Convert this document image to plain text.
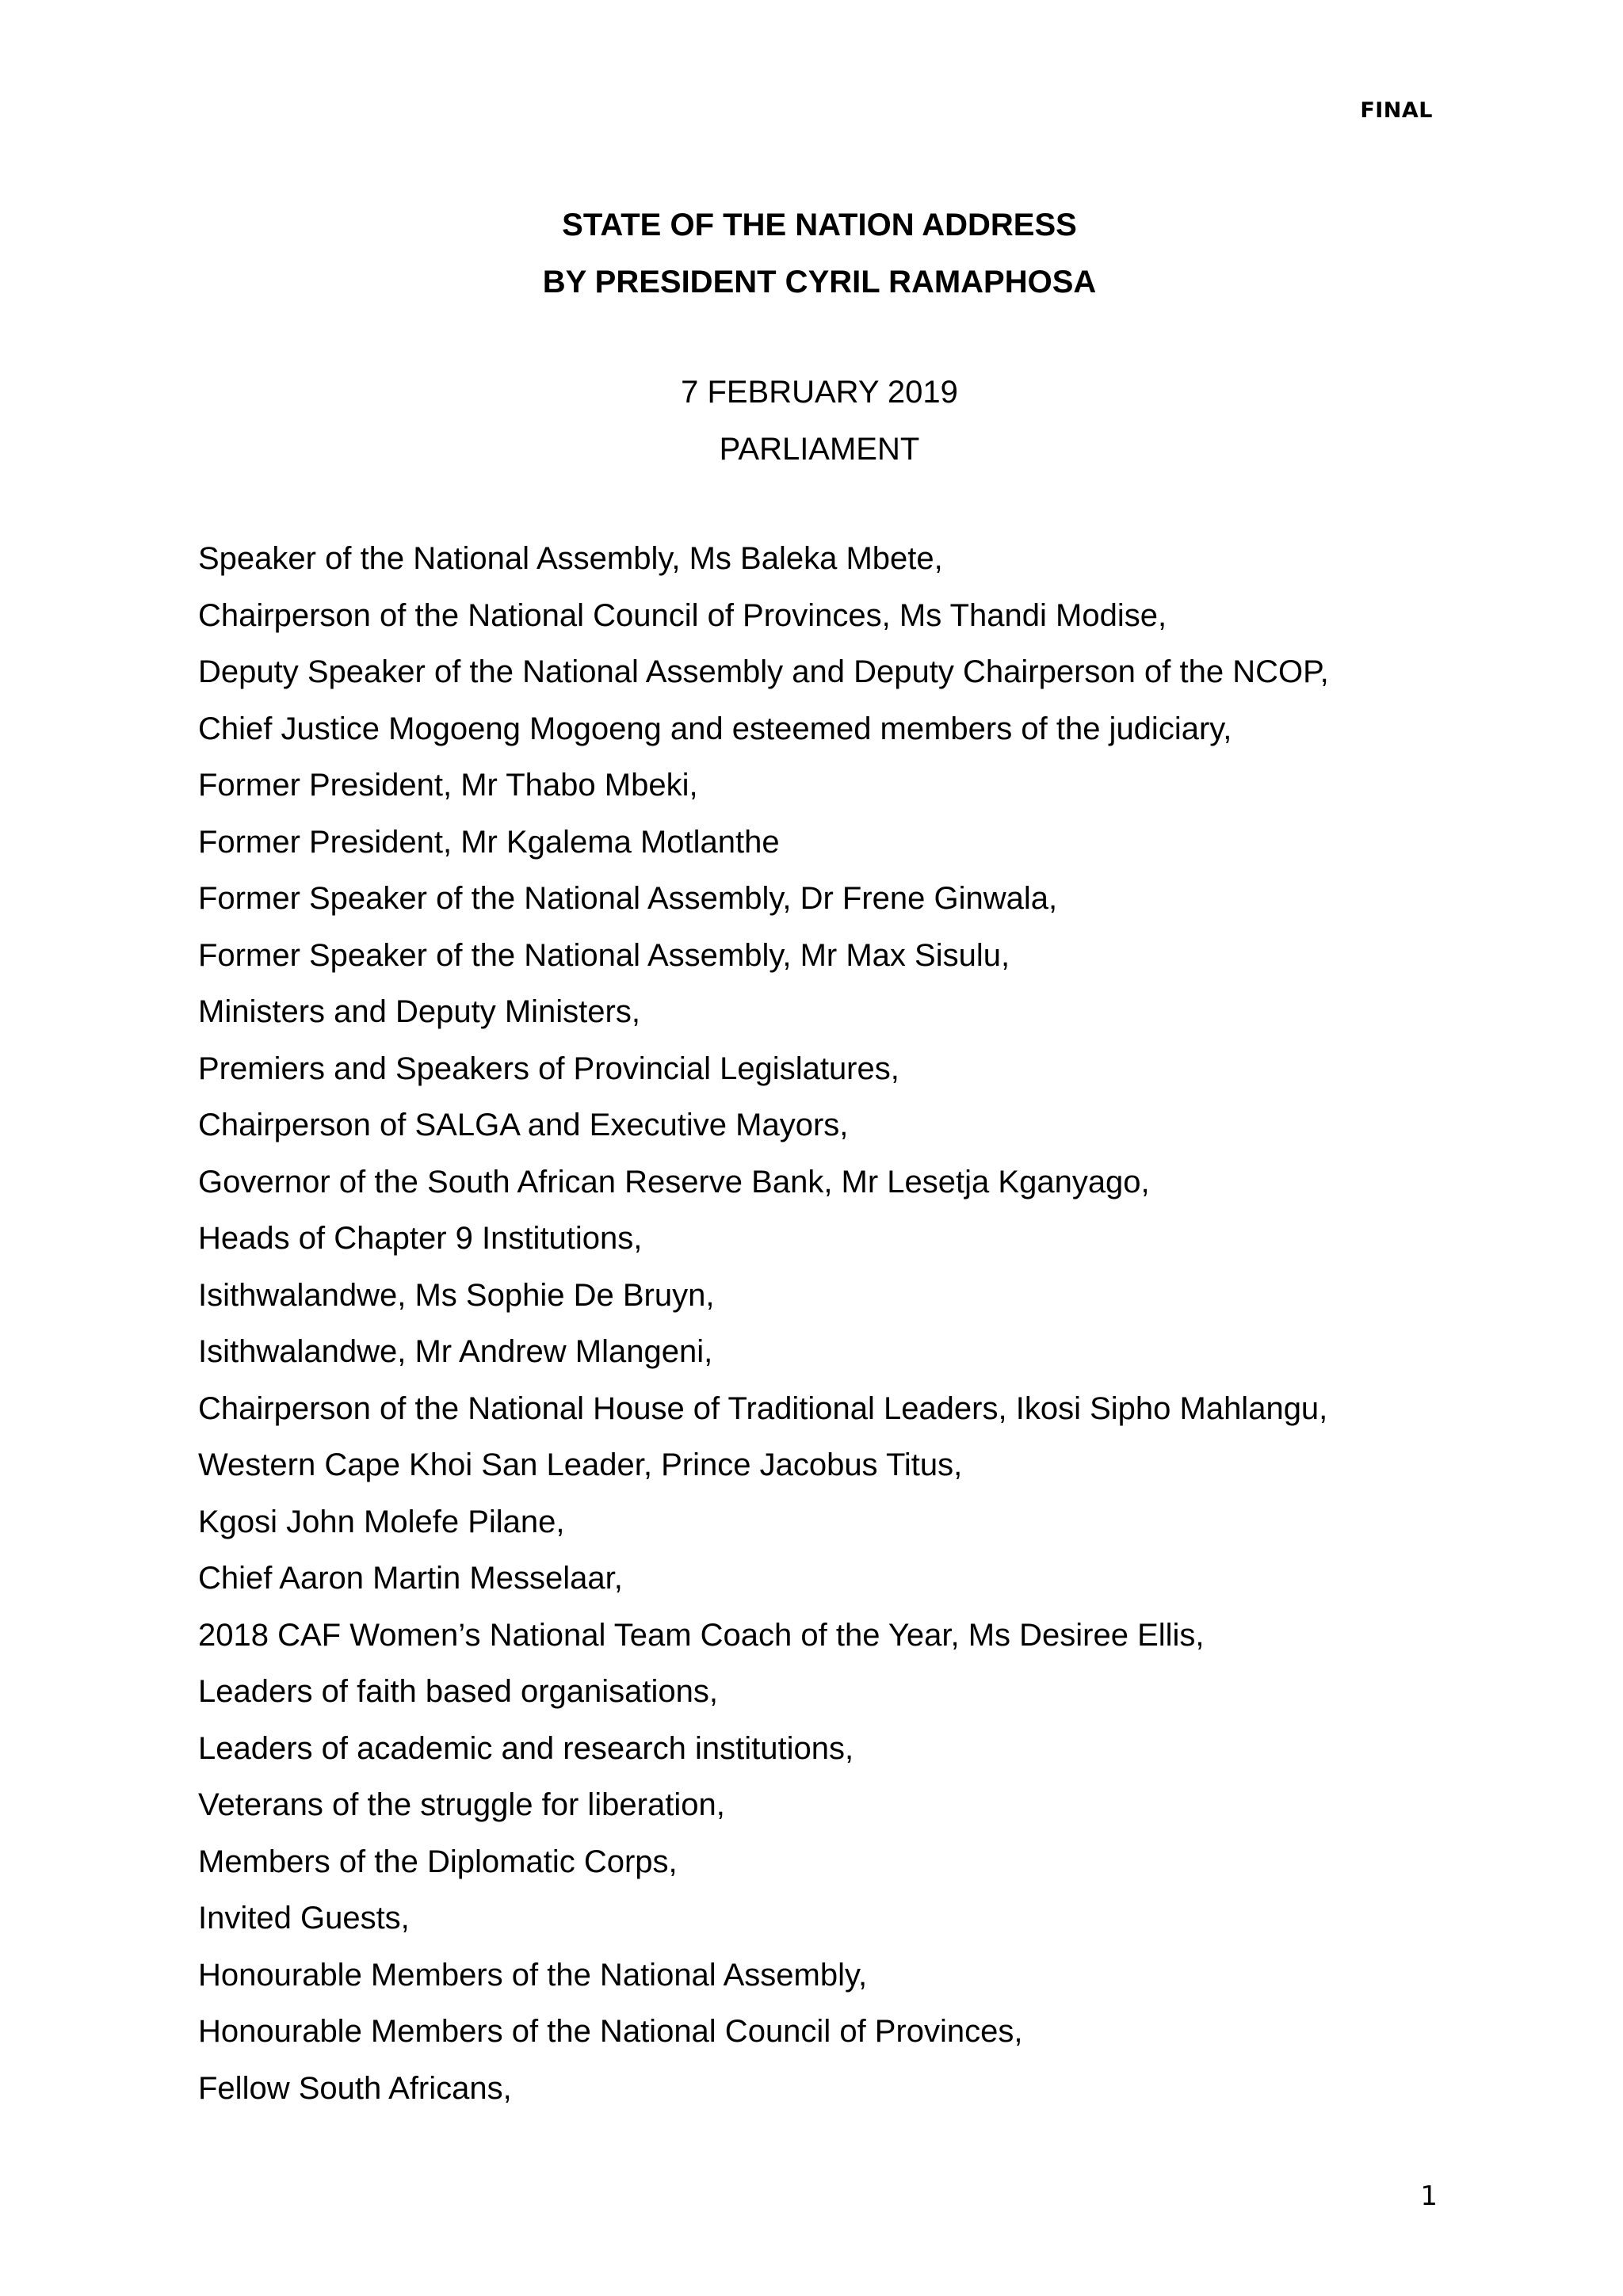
FINAL
STATE OF THE NATION ADDRESS
BY PRESIDENT CYRIL RAMAPHOSA
7 FEBRUARY 2019
PARLIAMENT
Speaker of the National Assembly, Ms Baleka Mbete,
Chairperson of the National Council of Provinces, Ms Thandi Modise,
Deputy Speaker of the National Assembly and Deputy Chairperson of the NCOP,
Chief Justice Mogoeng Mogoeng and esteemed members of the judiciary,
Former President, Mr Thabo Mbeki,
Former President, Mr Kgalema Motlanthe
Former Speaker of the National Assembly, Dr Frene Ginwala,
Former Speaker of the National Assembly, Mr Max Sisulu,
Ministers and Deputy Ministers,
Premiers and Speakers of Provincial Legislatures,
Chairperson of SALGA and Executive Mayors,
Governor of the South African Reserve Bank, Mr Lesetja Kganyago,
Heads of Chapter 9 Institutions,
Isithwalandwe, Ms Sophie De Bruyn,
Isithwalandwe, Mr Andrew Mlangeni,
Chairperson of the National House of Traditional Leaders, Ikosi Sipho Mahlangu,
Western Cape Khoi San Leader, Prince Jacobus Titus,
Kgosi John Molefe Pilane,
Chief Aaron Martin Messelaar,
2018 CAF Women’s National Team Coach of the Year, Ms Desiree Ellis,
Leaders of faith based organisations,
Leaders of academic and research institutions,
Veterans of the struggle for liberation,
Members of the Diplomatic Corps,
Invited Guests,
Honourable Members of the National Assembly,
Honourable Members of the National Council of Provinces,
Fellow South Africans,
1
